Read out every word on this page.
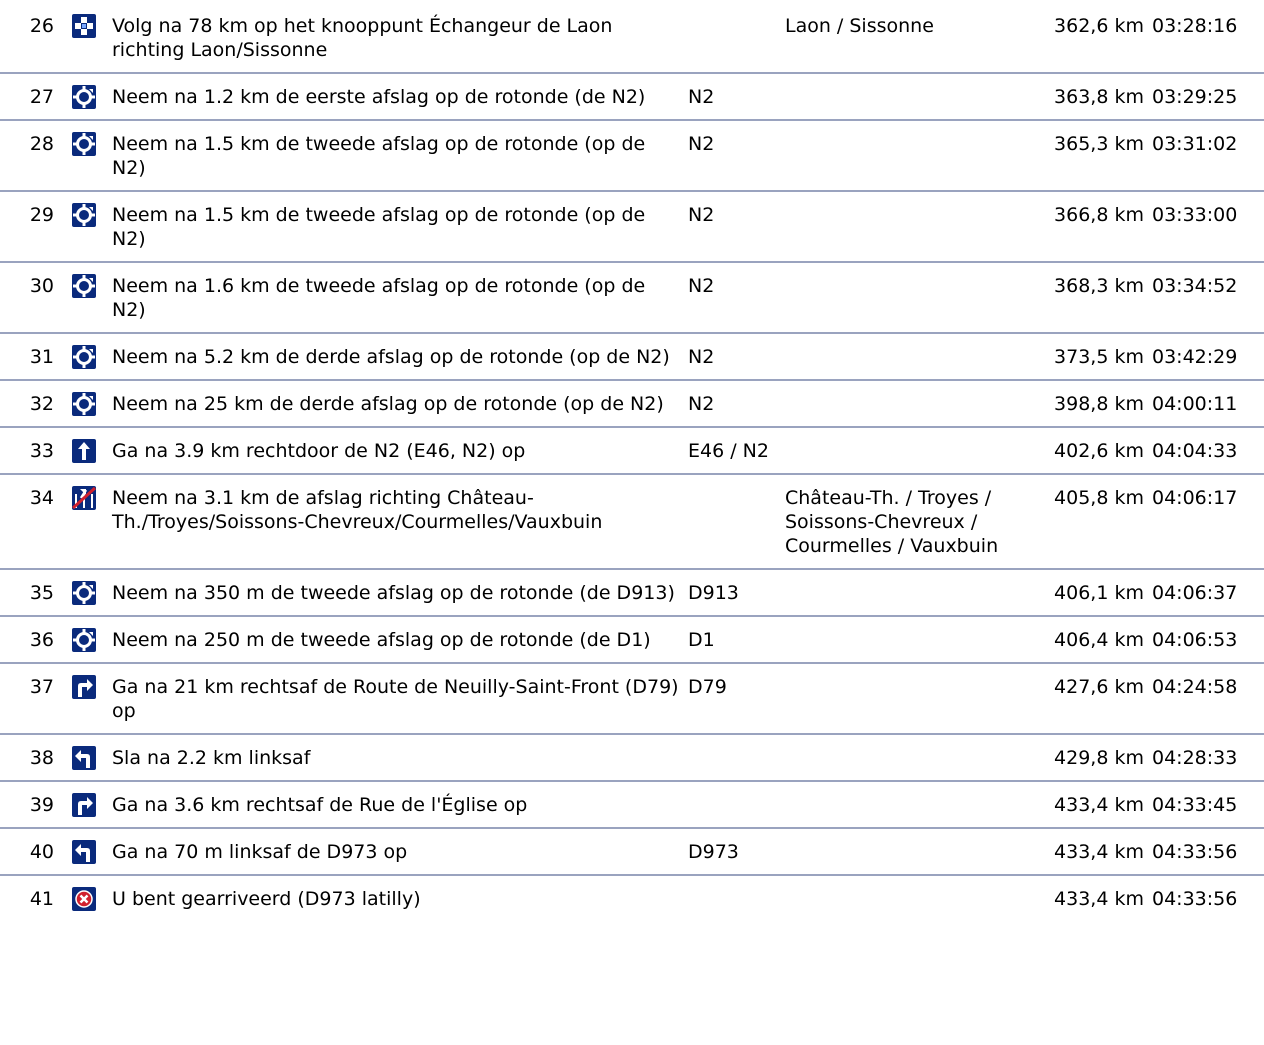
26		Volg na 78 km op het knooppunt Échangeur de Laon richting Laon/Sissonne		Laon / Sissonne	362,6 km	03:28:16
27		Neem na 1.2 km de eerste afslag op de rotonde (de N2)	N2		363,8 km	03:29:25
28		Neem na 1.5 km de tweede afslag op de rotonde (op de N2)	N2		365,3 km	03:31:02
29		Neem na 1.5 km de tweede afslag op de rotonde (op de N2)	N2		366,8 km	03:33:00
30		Neem na 1.6 km de tweede afslag op de rotonde (op de N2)	N2		368,3 km	03:34:52
31		Neem na 5.2 km de derde afslag op de rotonde (op de N2)	N2		373,5 km	03:42:29
32		Neem na 25 km de derde afslag op de rotonde (op de N2)	N2		398,8 km	04:00:11
33		Ga na 3.9 km rechtdoor de N2 (E46, N2) op	E46 / N2		402,6 km	04:04:33
34		Neem na 3.1 km de afslag richting Château-Th./Troyes/Soissons-Chevreux/Courmelles/Vauxbuin		Château-Th. / Troyes / Soissons-Chevreux / Courmelles / Vauxbuin	405,8 km	04:06:17
35		Neem na 350 m de tweede afslag op de rotonde (de D913)	D913		406,1 km	04:06:37
36		Neem na 250 m de tweede afslag op de rotonde (de D1)	D1		406,4 km	04:06:53
37		Ga na 21 km rechtsaf de Route de Neuilly-Saint-Front (D79) op	D79		427,6 km	04:24:58
38		Sla na 2.2 km linksaf			429,8 km	04:28:33
39		Ga na 3.6 km rechtsaf de Rue de l'Église op			433,4 km	04:33:45
40		Ga na 70 m linksaf de D973 op	D973		433,4 km	04:33:56
41		U bent gearriveerd (D973 latilly)			433,4 km	04:33:56
